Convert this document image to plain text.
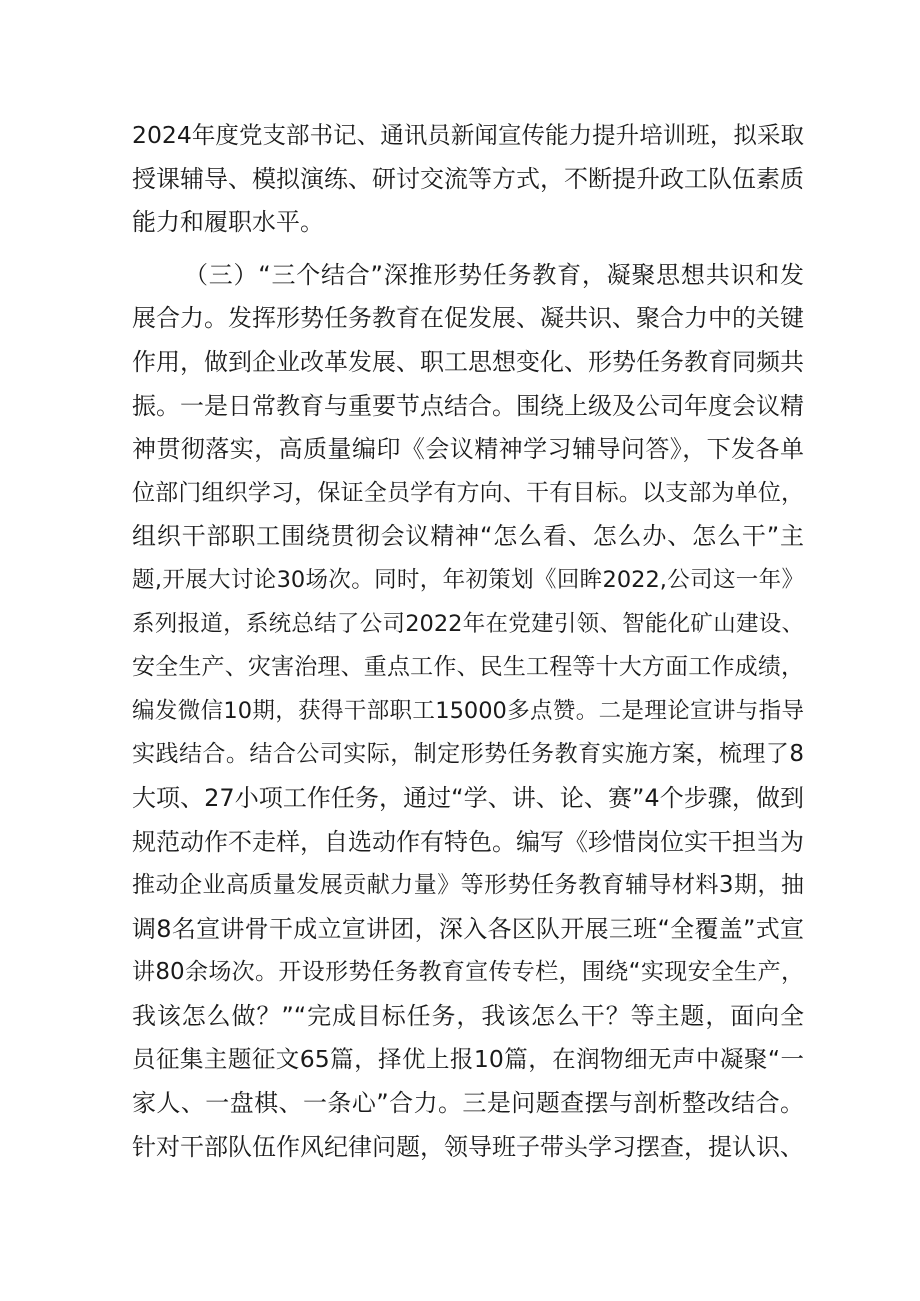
2024年度党支部书记、通讯员新闻宣传能力提升培训班，拟采取
授课辅导、模拟演练、研讨交流等方式，不断提升政工队伍素质
能力和履职水平。
（三）“三个结合”深推形势任务教育，凝聚思想共识和发
展合力。发挥形势任务教育在促发展、凝共识、聚合力中的关键
作用，做到企业改革发展、职工思想变化、形势任务教育同频共
振。一是日常教育与重要节点结合。围绕上级及公司年度会议精
神贯彻落实，高质量编印《会议精神学习辅导问答》，下发各单
位部门组织学习，保证全员学有方向、干有目标。以支部为单位，
组织干部职工围绕贯彻会议精神“怎么看、怎么办、怎么干”主
题,开展大讨论30场次。同时，年初策划《回眸2022,公司这一年》
系列报道，系统总结了公司2022年在党建引领、智能化矿山建设、
安全生产、灾害治理、重点工作、民生工程等十大方面工作成绩，
编发微信10期，获得干部职工15000多点赞。二是理论宣讲与指导
实践结合。结合公司实际，制定形势任务教育实施方案，梳理了8
大项、27小项工作任务，通过“学、讲、论、赛”4个步骤，做到
规范动作不走样，自选动作有特色。编写《珍惜岗位实干担当为
推动企业高质量发展贡献力量》等形势任务教育辅导材料3期，抽
调8名宣讲骨干成立宣讲团，深入各区队开展三班“全覆盖”式宣
讲80余场次。开设形势任务教育宣传专栏，围绕“实现安全生产，
我该怎么做？”“完成目标任务，我该怎么干？等主题，面向全
员征集主题征文65篇，择优上报10篇，在润物细无声中凝聚“一
家人、一盘棋、一条心”合力。三是问题查摆与剖析整改结合。
针对干部队伍作风纪律问题，领导班子带头学习摆查，提认识、
